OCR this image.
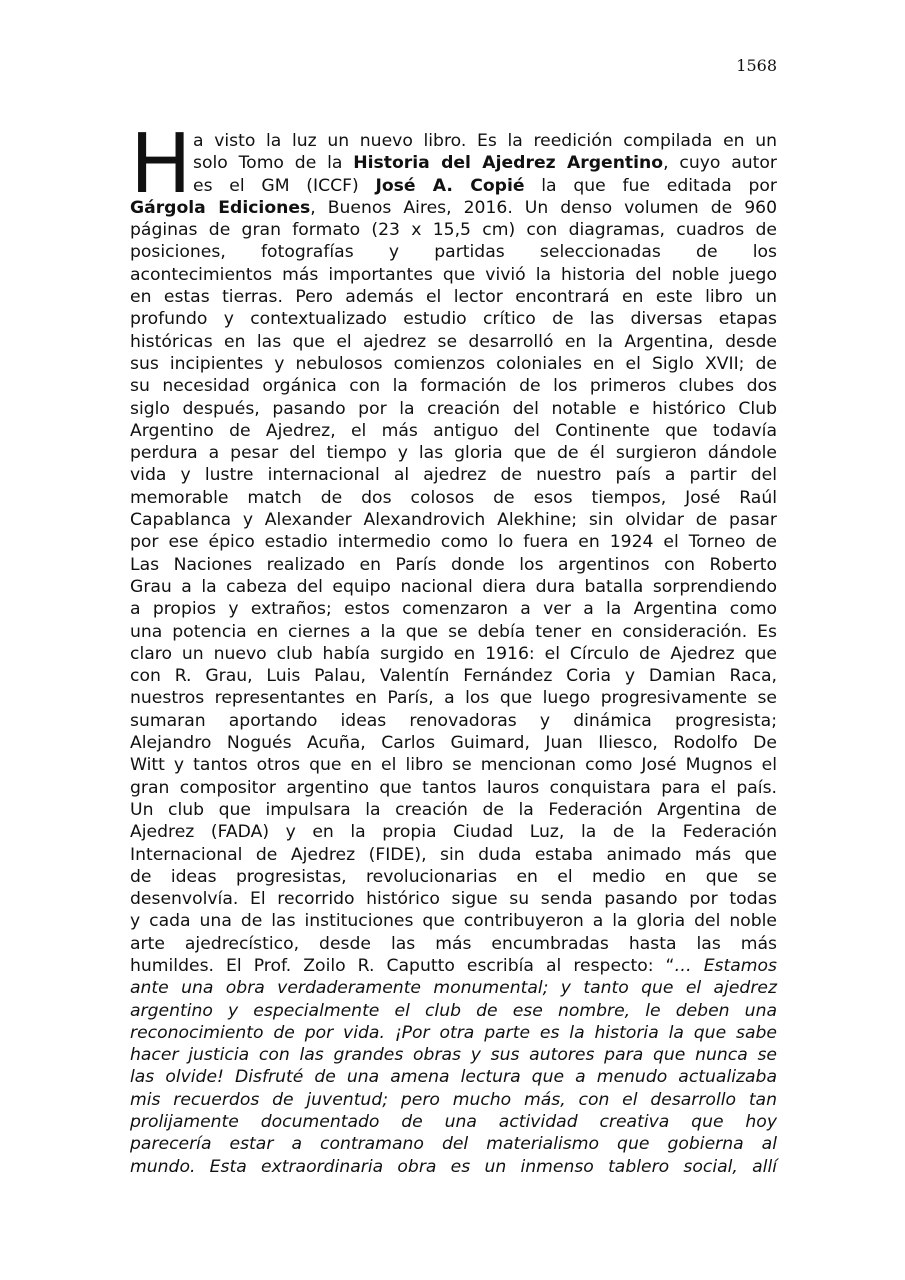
1568
H a visto la luz un nuevo libro. Es la reedición compilada en un
solo Tomo de la Historia del Ajedrez Argentino, cuyo autor
es el GM (ICCF) José A. Copié la que fue editada por
Gárgola Ediciones, Buenos Aires, 2016. Un denso volumen de 960
páginas de gran formato (23 x 15,5 cm) con diagramas, cuadros de
posiciones, fotografías y partidas seleccionadas de los
acontecimientos más importantes que vivió la historia del noble juego
en estas tierras. Pero además el lector encontrará en este libro un
profundo y contextualizado estudio crítico de las diversas etapas
históricas en las que el ajedrez se desarrolló en la Argentina, desde
sus incipientes y nebulosos comienzos coloniales en el Siglo XVII; de
su necesidad orgánica con la formación de los primeros clubes dos
siglo después, pasando por la creación del notable e histórico Club
Argentino de Ajedrez, el más antiguo del Continente que todavía
perdura a pesar del tiempo y las gloria que de él surgieron dándole
vida y lustre internacional al ajedrez de nuestro país a partir del
memorable match de dos colosos de esos tiempos, José Raúl
Capablanca y Alexander Alexandrovich Alekhine; sin olvidar de pasar
por ese épico estadio intermedio como lo fuera en 1924 el Torneo de
Las Naciones realizado en París donde los argentinos con Roberto
Grau a la cabeza del equipo nacional diera dura batalla sorprendiendo
a propios y extraños; estos comenzaron a ver a la Argentina como
una potencia en ciernes a la que se debía tener en consideración. Es
claro un nuevo club había surgido en 1916: el Círculo de Ajedrez que
con R. Grau, Luis Palau, Valentín Fernández Coria y Damian Raca,
nuestros representantes en París, a los que luego progresivamente se
sumaran aportando ideas renovadoras y dinámica progresista;
Alejandro Nogués Acuña, Carlos Guimard, Juan Iliesco, Rodolfo De
Witt y tantos otros que en el libro se mencionan como José Mugnos el
gran compositor argentino que tantos lauros conquistara para el país.
Un club que impulsara la creación de la Federación Argentina de
Ajedrez (FADA) y en la propia Ciudad Luz, la de la Federación
Internacional de Ajedrez (FIDE), sin duda estaba animado más que
de ideas progresistas, revolucionarias en el medio en que se
desenvolvía. El recorrido histórico sigue su senda pasando por todas
y cada una de las instituciones que contribuyeron a la gloria del noble
arte ajedrecístico, desde las más encumbradas hasta las más
humildes. El Prof. Zoilo R. Caputto escribía al respecto: “… Estamos
ante una obra verdaderamente monumental; y tanto que el ajedrez
argentino y especialmente el club de ese nombre, le deben una
reconocimiento de por vida. ¡Por otra parte es la historia la que sabe
hacer justicia con las grandes obras y sus autores para que nunca se
las olvide! Disfruté de una amena lectura que a menudo actualizaba
mis recuerdos de juventud; pero mucho más, con el desarrollo tan
prolijamente documentado de una actividad creativa que hoy
parecería estar a contramano del materialismo que gobierna al
mundo. Esta extraordinaria obra es un inmenso tablero social, allí
